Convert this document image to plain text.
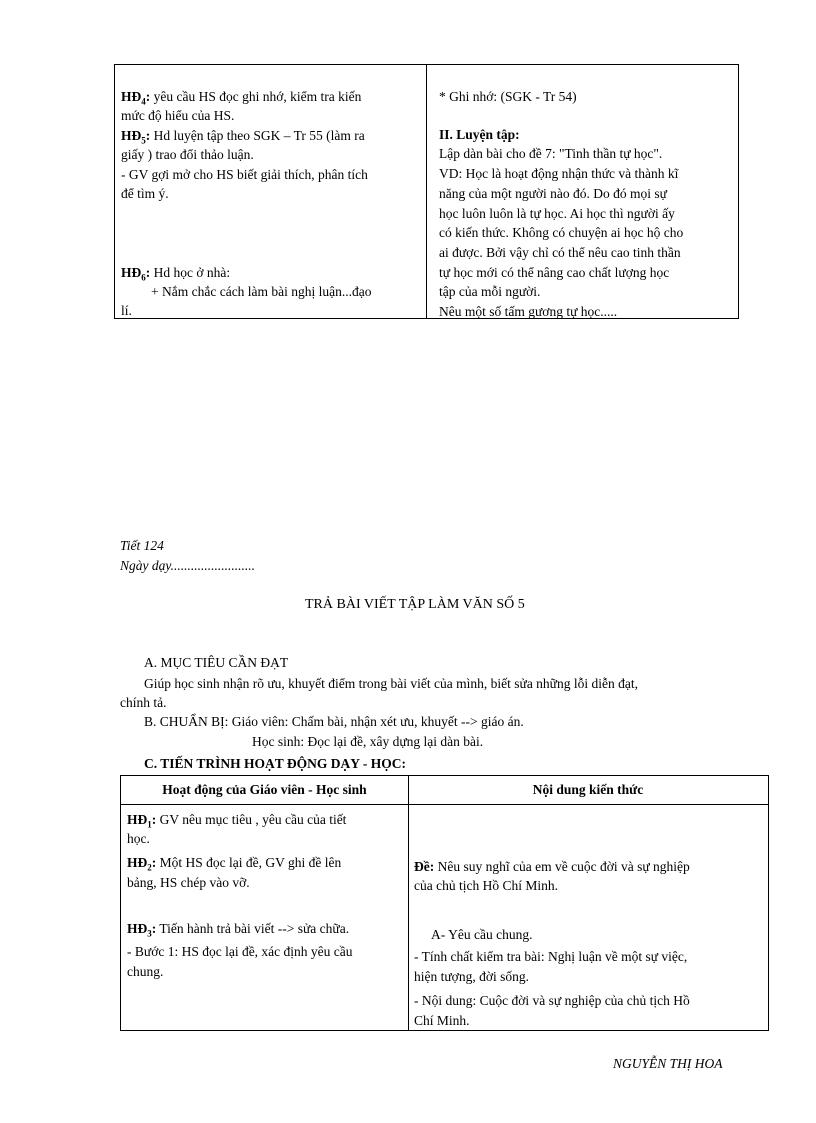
$HĐ_4$: yêu cầu HS đọc ghi nhớ, kiểm tra kiến
mức độ hiểu của HS.
$HĐ_5$: Hd luyện tập theo SGK – Tr 55 (làm ra
giấy ) trao đổi thảo luận.
- GV gợi mở cho HS biết giải thích, phân tích
để tìm ý.
$HĐ_6$: Hd học ở nhà:
+ Nắm chắc cách làm bài nghị luận...đạo
lí.
* Ghi nhớ: (SGK - Tr 54)
II. Luyện tập:
Lập dàn bài cho đề 7: "Tinh thần tự học".
VD: Học là hoạt động nhận thức và thành kĩ
năng của một người nào đó. Do đó mọi sự
học luôn luôn là tự học. Ai học thì người ấy
có kiến thức. Không có chuyện ai học hộ cho
ai được. Bởi vậy chỉ có thể nêu cao tinh thần
tự học mới có thể nâng cao chất lượng học
tập của mỗi người.
Nêu một số tấm gương tự học.....
Tiết 124
Ngày dạy.........................
TRẢ BÀI VIẾT TẬP LÀM VĂN SỐ 5
A. MỤC TIÊU CẦN ĐẠT
Giúp học sinh nhận rõ ưu, khuyết điểm trong bài viết của mình, biết sửa những lỗi diễn đạt,
chính tả.
B. CHUẨN BỊ: Giáo viên: Chấm bài, nhận xét ưu, khuyết --> giáo án.
Học sinh: Đọc lại đề, xây dựng lại dàn bài.
C. TIẾN TRÌNH HOẠT ĐỘNG DẠY - HỌC:
Hoạt động của Giáo viên - Học sinh	Nội dung kiến thức
$HĐ_1$: GV nêu mục tiêu , yêu cầu của tiết
học.
$HĐ_2$: Một HS đọc lại đề, GV ghi đề lên
bảng, HS chép vào vỡ.
$HĐ_3$: Tiến hành trả bài viết --> sửa chữa.
- Bước 1: HS đọc lại đề, xác định yêu cầu
chung.
Đề: Nêu suy nghĩ của em về cuộc đời và sự nghiệp
của chủ tịch Hồ Chí Minh.
A- Yêu cầu chung.
- Tính chất kiểm tra bài: Nghị luận về một sự việc,
hiện tượng, đời sống.
- Nội dung: Cuộc đời và sự nghiệp của chủ tịch Hồ
Chí Minh.
NGUYỄN THỊ HOA
